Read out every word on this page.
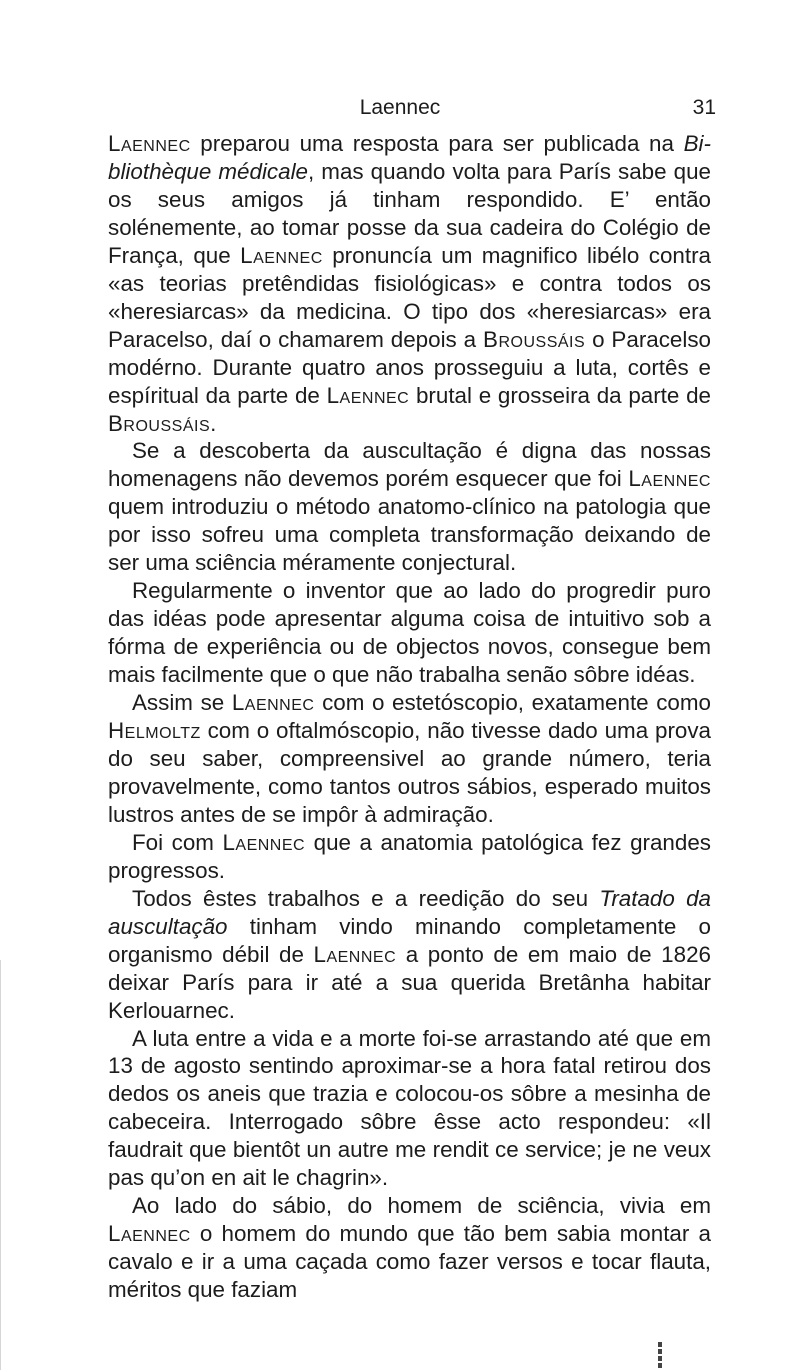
Laennec	31

Laennec preparou uma resposta para ser publicada na Bibliothèque médicale, mas quando volta para París sabe que os seus amigos já tinham respondido. E’ então solénemente, ao tomar posse da sua cadeira do Colégio de França, que Laennec pronuncía um magnifico libélo contra «as teorias pretêndidas fisiológicas» e contra todos os «heresiarcas» da medicina. O tipo dos «heresiarcas» era Paracelso, daí o chamarem depois a Broussáis o Paracelso modérno. Durante quatro anos prosseguiu a luta, cortês e espíritual da parte de Laennec brutal e grosseira da parte de Broussáis.

Se a descoberta da auscultação é digna das nossas homenagens não devemos porém esquecer que foi Laennec quem introduziu o método anatomo-clínico na patologia que por isso sofreu uma completa transformação deixando de ser uma sciência méramente conjectural.

Regularmente o inventor que ao lado do progredir puro das idéas pode apresentar alguma coisa de intuitivo sob a fórma de experiência ou de objectos novos, consegue bem mais facilmente que o que não trabalha senão sôbre idéas.

Assim se Laennec com o estetóscopio, exatamente como Helmoltz com o oftalmóscopio, não tivesse dado uma prova do seu saber, compreensivel ao grande número, teria provavelmente, como tantos outros sábios, esperado muitos lustros antes de se impôr à admiração.

Foi com Laennec que a anatomia patológica fez grandes progressos.

Todos êstes trabalhos e a reedição do seu Tratado da auscultação tinham vindo minando completamente o organismo débil de Laennec a ponto de em maio de 1826 deixar París para ir até a sua querida Bretânha habitar Kerlouarnec.

A luta entre a vida e a morte foi-se arrastando até que em 13 de agosto sentindo aproximar-se a hora fatal retirou dos dedos os aneis que trazia e colocou-os sôbre a mesinha de cabeceira. Interrogado sôbre êsse acto respondeu: «Il faudrait que bientôt un autre me rendit ce service; je ne veux pas qu’on en ait le chagrin».

Ao lado do sábio, do homem de sciência, vivia em Laennec o homem do mundo que tão bem sabia montar a cavalo e ir a uma caçada como fazer versos e tocar flauta, méritos que faziam
